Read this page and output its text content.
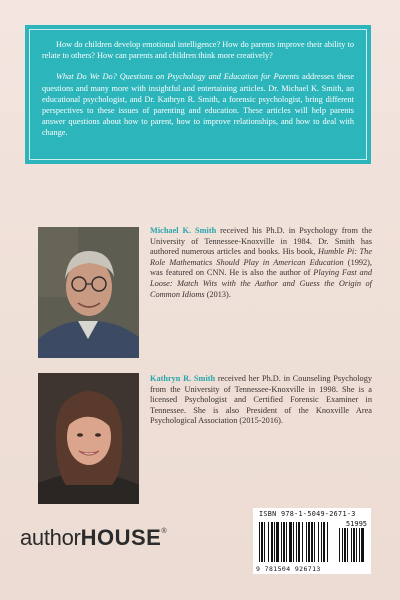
How do children develop emotional intelligence? How do parents improve their ability to relate to others? How can parents and children think more creatively?

What Do We Do? Questions on Psychology and Education for Parents addresses these questions and many more with insightful and entertaining articles. Dr. Michael K. Smith, an educational psychologist, and Dr. Kathryn R. Smith, a forensic psychologist, bring different perspectives to these issues of parenting and education. These articles will help parents answer questions about how to parent, how to improve relationships, and how to deal with change.

Michael K. Smith received his Ph.D. in Psychology from the University of Tennessee-Knoxville in 1984. Dr. Smith has authored numerous articles and books. His book, Humble Pi: The Role Mathematics Should Play in American Education (1992), was featured on CNN. He is also the author of Playing Fast and Loose: Match Wits with the Author and Guess the Origin of Common Idioms (2013).
Kathryn R. Smith received her Ph.D. in Counseling Psychology from the University of Tennessee-Knoxville in 1998. She is a licensed Psychologist and Certified Forensic Examiner in Tennessee. She is also President of the Knoxville Area Psychological Association (2015-2016).
authorHOUSE®
ISBN 978-1-5049-2671-3
51995
9 781504 926713
